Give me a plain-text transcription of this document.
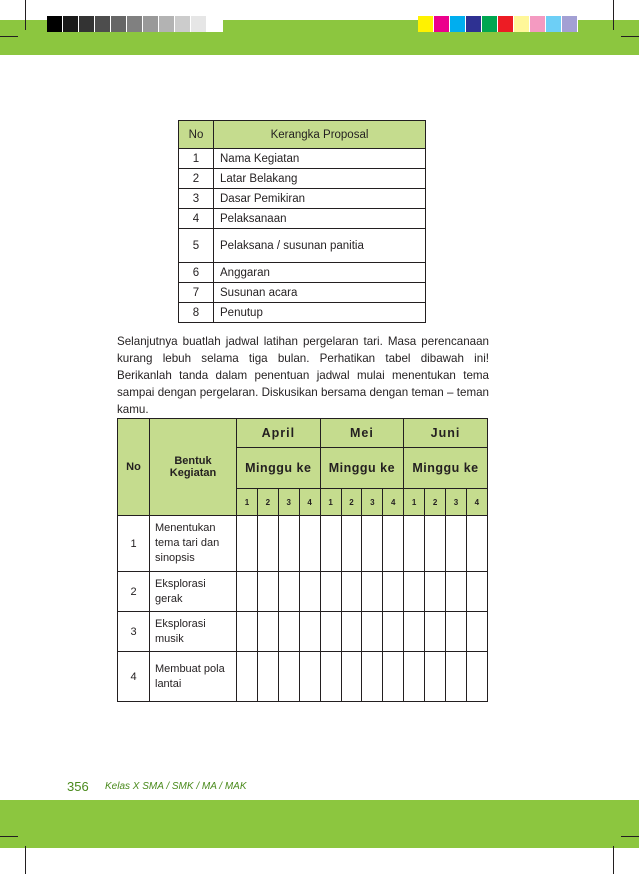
No	Kerangka Proposal
1	Nama Kegiatan
2	Latar Belakang
3	Dasar Pemikiran
4	Pelaksanaan
5	Pelaksana / susunan panitia
6	Anggaran
7	Susunan acara
8	Penutup

Selanjutnya buatlah jadwal latihan pergelaran tari. Masa perencanaan kurang lebuh selama tiga bulan. Perhatikan tabel dibawah ini! Berikanlah tanda dalam penentuan jadwal mulai menentukan tema sampai dengan pergelaran. Diskusikan bersama dengan teman – teman kamu.

No	Bentuk Kegiatan	April				Mei				Juni			
		Minggu ke				Minggu ke				Minggu ke			
		1	2	3	4	1	2	3	4	1	2	3	4
1	Menentukan tema tari dan sinopsis												
2	Eksplorasi gerak												
3	Eksplorasi musik												
4	Membuat pola lantai												
356 Kelas X SMA / SMK / MA / MAK
